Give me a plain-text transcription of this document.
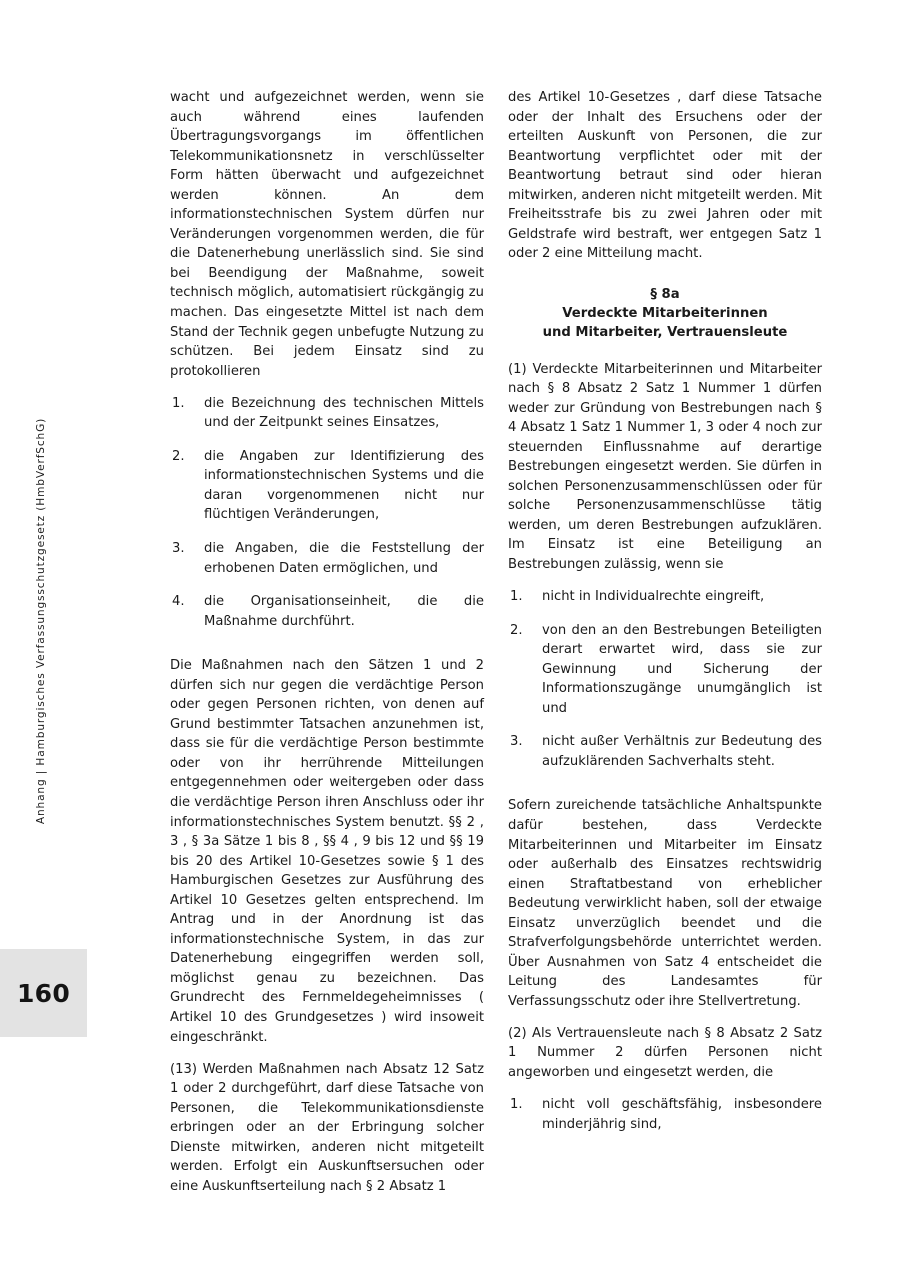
Anhang | Hamburgisches Verfassungsschutzgesetz (HmbVerfSchG)
160

wacht und aufgezeichnet werden, wenn sie auch während eines laufenden Übertragungsvorgangs im öffentlichen Telekommunikationsnetz in verschlüsselter Form hätten überwacht und aufgezeichnet werden können. An dem informationstechnischen System dürfen nur Veränderungen vorgenommen werden, die für die Datenerhebung unerlässlich sind. Sie sind bei Beendigung der Maßnahme, soweit technisch möglich, automatisiert rückgängig zu machen. Das eingesetzte Mittel ist nach dem Stand der Technik gegen unbefugte Nutzung zu schützen. Bei jedem Einsatz sind zu protokollieren

1.	die Bezeichnung des technischen Mittels und der Zeitpunkt seines Einsatzes,
2.	die Angaben zur Identifizierung des informationstechnischen Systems und die daran vorgenommenen nicht nur flüchtigen Veränderungen,
3.	die Angaben, die die Feststellung der erhobenen Daten ermöglichen, und
4.	die Organisationseinheit, die die Maßnahme durchführt.

Die Maßnahmen nach den Sätzen 1 und 2 dürfen sich nur gegen die verdächtige Person oder gegen Personen richten, von denen auf Grund bestimmter Tatsachen anzunehmen ist, dass sie für die verdächtige Person bestimmte oder von ihr herrührende Mitteilungen entgegennehmen oder weitergeben oder dass die verdächtige Person ihren Anschluss oder ihr informationstechnisches System benutzt. §§ 2 , 3 , § 3a Sätze 1 bis 8 , §§ 4 , 9 bis 12 und §§ 19 bis 20 des Artikel 10-Gesetzes sowie § 1 des Hamburgischen Gesetzes zur Ausführung des Artikel 10 Gesetzes gelten entsprechend. Im Antrag und in der Anordnung ist das informationstechnische System, in das zur Datenerhebung eingegriffen werden soll, möglichst genau zu bezeichnen. Das Grundrecht des Fernmeldegeheimnisses ( Artikel 10 des Grundgesetzes ) wird insoweit eingeschränkt.

(13) Werden Maßnahmen nach Absatz 12 Satz 1 oder 2 durchgeführt, darf diese Tatsache von Personen, die Telekommunikationsdienste erbringen oder an der Erbringung solcher Dienste mitwirken, anderen nicht mitgeteilt werden. Erfolgt ein Auskunftsersuchen oder eine Auskunftserteilung nach § 2 Absatz 1

des Artikel 10-Gesetzes , darf diese Tatsache oder der Inhalt des Ersuchens oder der erteilten Auskunft von Personen, die zur Beantwortung verpflichtet oder mit der Beantwortung betraut sind oder hieran mitwirken, anderen nicht mitgeteilt werden. Mit Freiheitsstrafe bis zu zwei Jahren oder mit Geldstrafe wird bestraft, wer entgegen Satz 1 oder 2 eine Mitteilung macht.

§ 8a
Verdeckte Mitarbeiterinnen
und Mitarbeiter, Vertrauensleute

(1) Verdeckte Mitarbeiterinnen und Mitarbeiter nach § 8 Absatz 2 Satz 1 Nummer 1 dürfen weder zur Gründung von Bestrebungen nach § 4 Absatz 1 Satz 1 Nummer 1, 3 oder 4 noch zur steuernden Einflussnahme auf derartige Bestrebungen eingesetzt werden. Sie dürfen in solchen Personenzusammenschlüssen oder für solche Personenzusammenschlüsse tätig werden, um deren Bestrebungen aufzuklären. Im Einsatz ist eine Beteiligung an Bestrebungen zulässig, wenn sie

1.	nicht in Individualrechte eingreift,
2.	von den an den Bestrebungen Beteiligten derart erwartet wird, dass sie zur Gewinnung und Sicherung der Informationszugänge unumgänglich ist und
3.	nicht außer Verhältnis zur Bedeutung des aufzuklärenden Sachverhalts steht.

Sofern zureichende tatsächliche Anhaltspunkte dafür bestehen, dass Verdeckte Mitarbeiterinnen und Mitarbeiter im Einsatz oder außerhalb des Einsatzes rechtswidrig einen Straftatbestand von erheblicher Bedeutung verwirklicht haben, soll der etwaige Einsatz unverzüglich beendet und die Strafverfolgungsbehörde unterrichtet werden. Über Ausnahmen von Satz 4 entscheidet die Leitung des Landesamtes für Verfassungsschutz oder ihre Stellvertretung.

(2) Als Vertrauensleute nach § 8 Absatz 2 Satz 1 Nummer 2 dürfen Personen nicht angeworben und eingesetzt werden, die

1.	nicht voll geschäftsfähig, insbesondere minderjährig sind,
